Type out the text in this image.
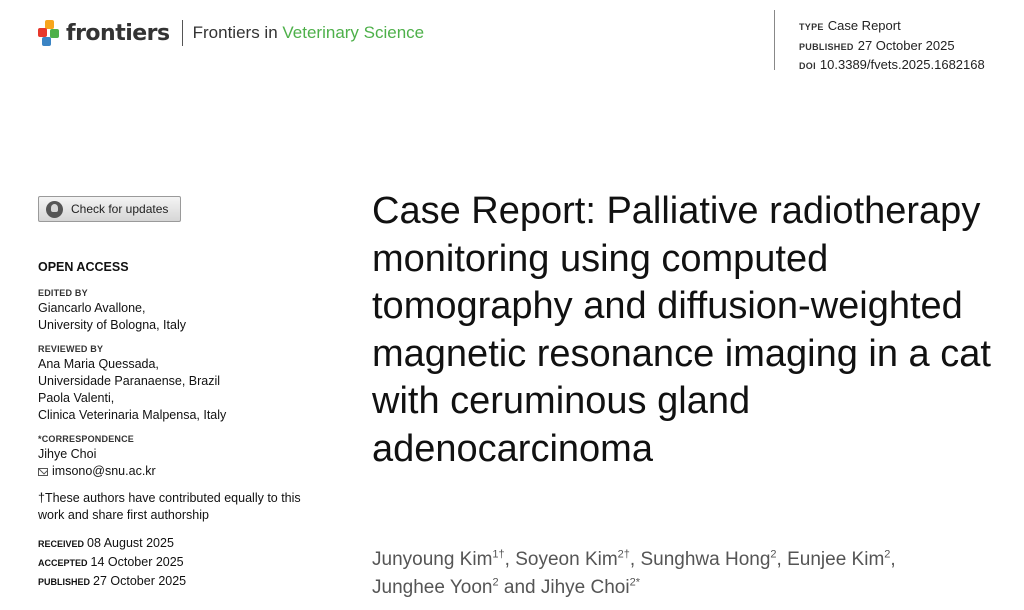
frontiers Frontiers in Veterinary Science	TYPE Case Report
PUBLISHED 27 October 2025
DOI 10.3389/fvets.2025.1682168
Check for updates
OPEN ACCESS
EDITED BY
Giancarlo Avallone,
University of Bologna, Italy
REVIEWED BY
Ana Maria Quessada,
Universidade Paranaense, Brazil
Paola Valenti,
Clinica Veterinaria Malpensa, Italy
*CORRESPONDENCE
Jihye Choi
imsono@snu.ac.kr
†These authors have contributed equally to this work and share first authorship
RECEIVED 08 August 2025
ACCEPTED 14 October 2025
PUBLISHED 27 October 2025
Case Report: Palliative radiotherapy monitoring using computed tomography and diffusion-weighted magnetic resonance imaging in a cat with ceruminous gland adenocarcinoma
Junyoung Kim$^{1\dagger}$, Soyeon Kim$^{2\dagger}$, Sunghwa Hong$^2$, Eunjee Kim$^2$,
Junghee Yoon$^2$ and Jihye Choi$^{2*}$
